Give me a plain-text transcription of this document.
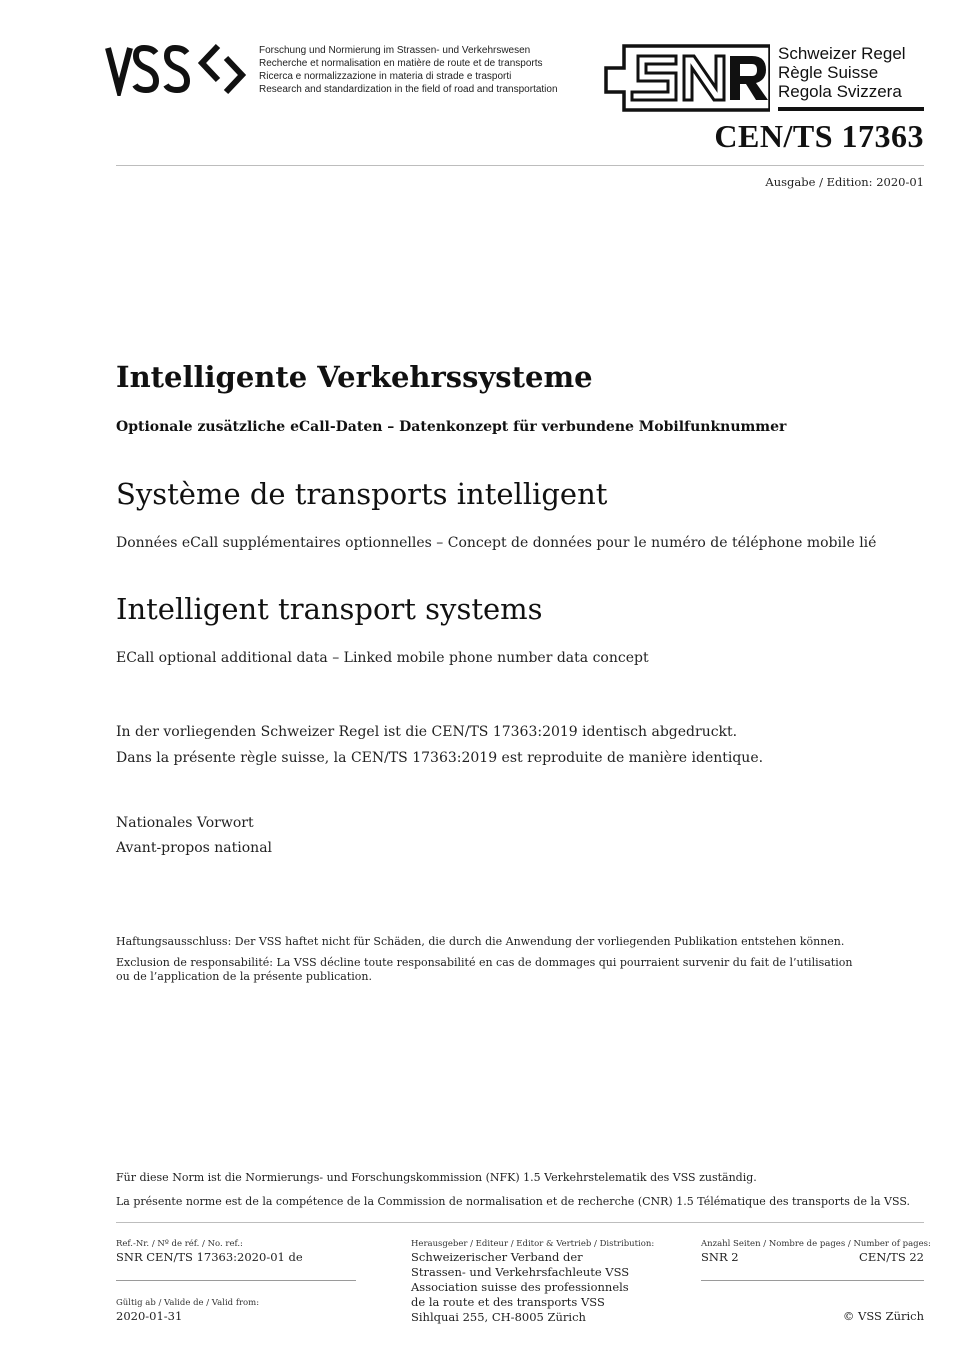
Forschung und Normierung im Strassen- und Verkehrswesen
Recherche et normalisation en matière de route et de transports
Ricerca e normalizzazione in materia di strade e trasporti
Research and standardization in the field of road and transportation
Schweizer Regel
Règle Suisse
Regola Svizzera
CEN/TS 17363
Ausgabe / Edition: 2020-01
Intelligente Verkehrssysteme
Optionale zusätzliche eCall-Daten – Datenkonzept für verbundene Mobilfunknummer
Système de transports intelligent
Données eCall supplémentaires optionnelles – Concept de données pour le numéro de téléphone mobile lié
Intelligent transport systems
ECall optional additional data – Linked mobile phone number data concept
In der vorliegenden Schweizer Regel ist die CEN/TS 17363:2019 identisch abgedruckt.
Dans la présente règle suisse, la CEN/TS 17363:2019 est reproduite de manière identique.
Nationales Vorwort
Avant-propos national
Haftungsausschluss: Der VSS haftet nicht für Schäden, die durch die Anwendung der vorliegenden Publikation entstehen können.
Exclusion de responsabilité: La VSS décline toute responsabilité en cas de dommages qui pourraient survenir du fait de l’utilisation
ou de l’application de la présente publication.
Für diese Norm ist die Normierungs- und Forschungskommission (NFK) 1.5 Verkehrstelematik des VSS zuständig.
La présente norme est de la compétence de la Commission de normalisation et de recherche (CNR) 1.5 Télématique des transports de la VSS.
Ref.-Nr. / Nº de réf. / No. ref.:
SNR CEN/TS 17363:2020-01 de
Gültig ab / Valide de / Valid from:
2020-01-31
Herausgeber / Editeur / Editor & Vertrieb / Distribution:
Schweizerischer Verband der
Strassen- und Verkehrsfachleute VSS
Association suisse des professionnels
de la route et des transports VSS
Sihlquai 255, CH-8005 Zürich
Anzahl Seiten / Nombre de pages / Number of pages:
SNR 2	CEN/TS 22
© VSS Zürich
